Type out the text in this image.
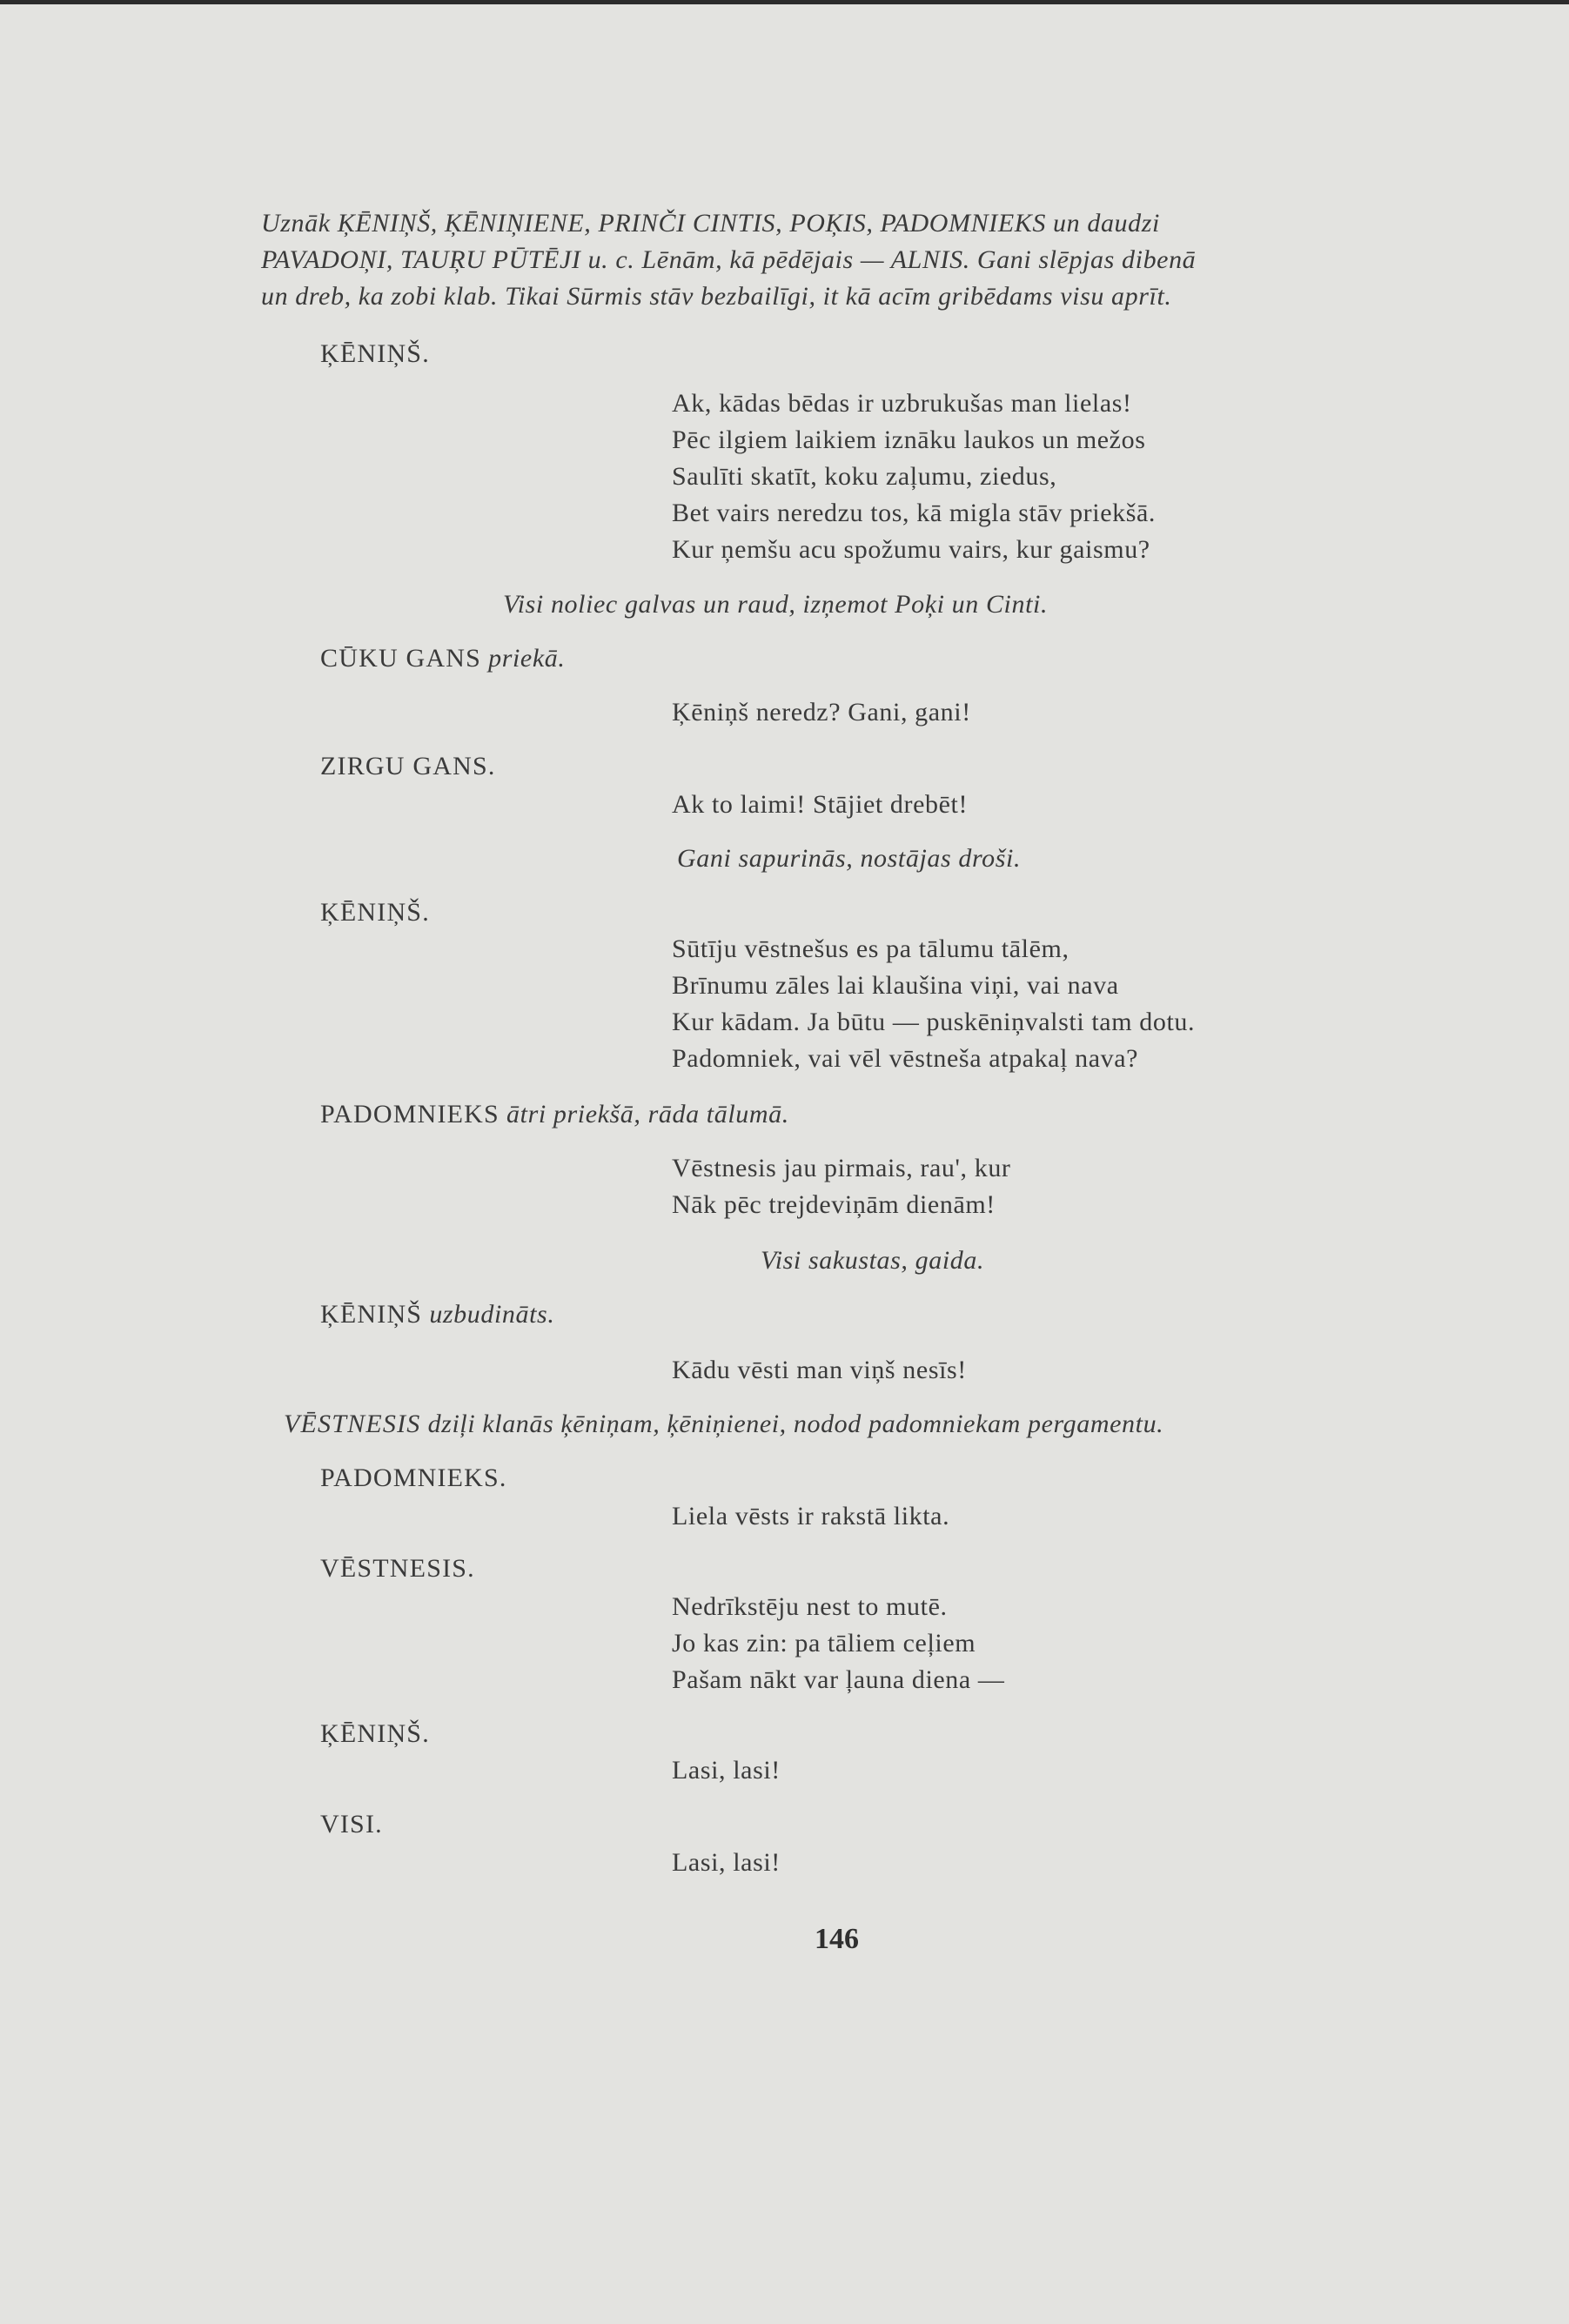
Uznāk ĶĒNIŅŠ, ĶĒNIŅIENE, PRINČI CINTIS, POĶIS, PADOMNIEKS un daudzi
PAVADOŅI, TAUŖU PŪTĒJI u. c. Lēnām, kā pēdējais — ALNIS. Gani slēpjas dibenā
un dreb, ka zobi klab. Tikai Sūrmis stāv bezbailīgi, it kā acīm gribēdams visu aprīt.
ĶĒNIŅŠ.
Ak, kādas bēdas ir uzbrukušas man lielas!
Pēc ilgiem laikiem iznāku laukos un mežos
Saulīti skatīt, koku zaļumu, ziedus,
Bet vairs neredzu tos, kā migla stāv priekšā.
Kur ņemšu acu spožumu vairs, kur gaismu?
Visi noliec galvas un raud, izņemot Poķi un Cinti.
CŪKU GANS priekā.
Ķēniņš neredz? Gani, gani!
ZIRGU GANS.
Ak to laimi! Stājiet drebēt!
Gani sapurinās, nostājas droši.
ĶĒNIŅŠ.
Sūtīju vēstnešus es pa tālumu tālēm,
Brīnumu zāles lai klaušina viņi, vai nava
Kur kādam. Ja būtu — puskēniņvalsti tam dotu.
Padomniek, vai vēl vēstneša atpakaļ nava?
PADOMNIEKS ātri priekšā, rāda tālumā.
Vēstnesis jau pirmais, rau', kur
Nāk pēc trejdeviņām dienām!
Visi sakustas, gaida.
ĶĒNIŅŠ uzbudināts.
Kādu vēsti man viņš nesīs!
VĒSTNESIS dziļi klanās ķēniņam, ķēniņienei, nodod padomniekam pergamentu.
PADOMNIEKS.
Liela vēsts ir rakstā likta.
VĒSTNESIS.
Nedrīkstēju nest to mutē.
Jo kas zin: pa tāliem ceļiem
Pašam nākt var ļauna diena —
ĶĒNIŅŠ.
Lasi, lasi!
VISI.
Lasi, lasi!
146
